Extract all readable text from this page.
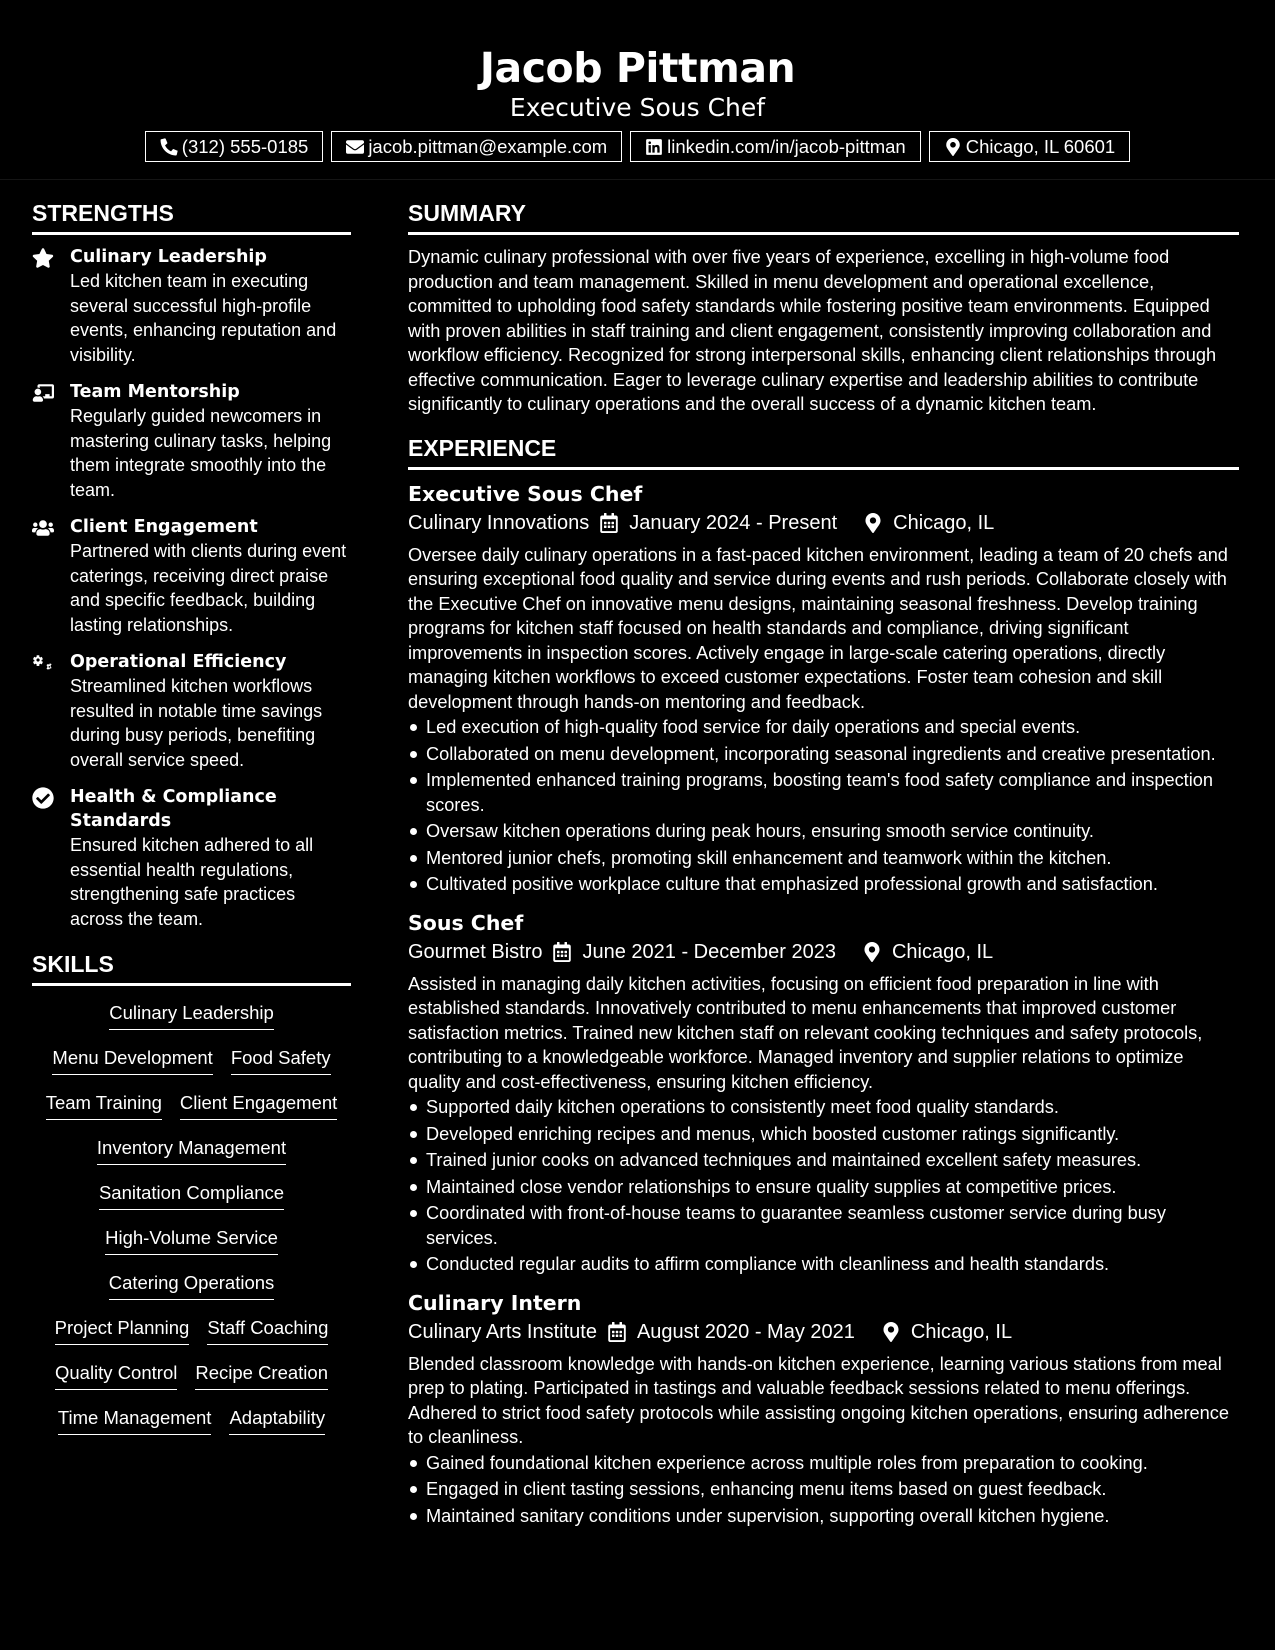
Jacob Pittman
Executive Sous Chef
(312) 555-0185	jacob.pittman@example.com	linkedin.com/in/jacob-pittman	Chicago, IL 60601
STRENGTHS
Culinary Leadership
Led kitchen team in executing several successful high-profile events, enhancing reputation and visibility.
Team Mentorship
Regularly guided newcomers in mastering culinary tasks, helping them integrate smoothly into the team.
Client Engagement
Partnered with clients during event caterings, receiving direct praise and specific feedback, building lasting relationships.
Operational Efficiency
Streamlined kitchen workflows resulted in notable time savings during busy periods, benefiting overall service speed.
Health & Compliance Standards
Ensured kitchen adhered to all essential health regulations, strengthening safe practices across the team.
SKILLS
Culinary Leadership
Menu Development Food Safety
Team Training Client Engagement
Inventory Management
Sanitation Compliance
High-Volume Service
Catering Operations
Project Planning Staff Coaching
Quality Control Recipe Creation
Time Management Adaptability
SUMMARY
Dynamic culinary professional with over five years of experience, excelling in high-volume food production and team management. Skilled in menu development and operational excellence, committed to upholding food safety standards while fostering positive team environments. Equipped with proven abilities in staff training and client engagement, consistently improving collaboration and workflow efficiency. Recognized for strong interpersonal skills, enhancing client relationships through effective communication. Eager to leverage culinary expertise and leadership abilities to contribute significantly to culinary operations and the overall success of a dynamic kitchen team.
EXPERIENCE
Executive Sous Chef
Culinary Innovations January 2024 - Present	Chicago, IL
Oversee daily culinary operations in a fast-paced kitchen environment, leading a team of 20 chefs and ensuring exceptional food quality and service during events and rush periods. Collaborate closely with the Executive Chef on innovative menu designs, maintaining seasonal freshness. Develop training programs for kitchen staff focused on health standards and compliance, driving significant improvements in inspection scores. Actively engage in large-scale catering operations, directly managing kitchen workflows to exceed customer expectations. Foster team cohesion and skill development through hands-on mentoring and feedback.
Led execution of high-quality food service for daily operations and special events.
Collaborated on menu development, incorporating seasonal ingredients and creative presentation.
Implemented enhanced training programs, boosting team's food safety compliance and inspection scores.
Oversaw kitchen operations during peak hours, ensuring smooth service continuity.
Mentored junior chefs, promoting skill enhancement and teamwork within the kitchen.
Cultivated positive workplace culture that emphasized professional growth and satisfaction.
Sous Chef
Gourmet Bistro June 2021 - December 2023	Chicago, IL
Assisted in managing daily kitchen activities, focusing on efficient food preparation in line with established standards. Innovatively contributed to menu enhancements that improved customer satisfaction metrics. Trained new kitchen staff on relevant cooking techniques and safety protocols, contributing to a knowledgeable workforce. Managed inventory and supplier relations to optimize quality and cost-effectiveness, ensuring kitchen efficiency.
Supported daily kitchen operations to consistently meet food quality standards.
Developed enriching recipes and menus, which boosted customer ratings significantly.
Trained junior cooks on advanced techniques and maintained excellent safety measures.
Maintained close vendor relationships to ensure quality supplies at competitive prices.
Coordinated with front-of-house teams to guarantee seamless customer service during busy services.
Conducted regular audits to affirm compliance with cleanliness and health standards.
Culinary Intern
Culinary Arts Institute August 2020 - May 2021	Chicago, IL
Blended classroom knowledge with hands-on kitchen experience, learning various stations from meal prep to plating. Participated in tastings and valuable feedback sessions related to menu offerings. Adhered to strict food safety protocols while assisting ongoing kitchen operations, ensuring adherence to cleanliness.
Gained foundational kitchen experience across multiple roles from preparation to cooking.
Engaged in client tasting sessions, enhancing menu items based on guest feedback.
Maintained sanitary conditions under supervision, supporting overall kitchen hygiene.
